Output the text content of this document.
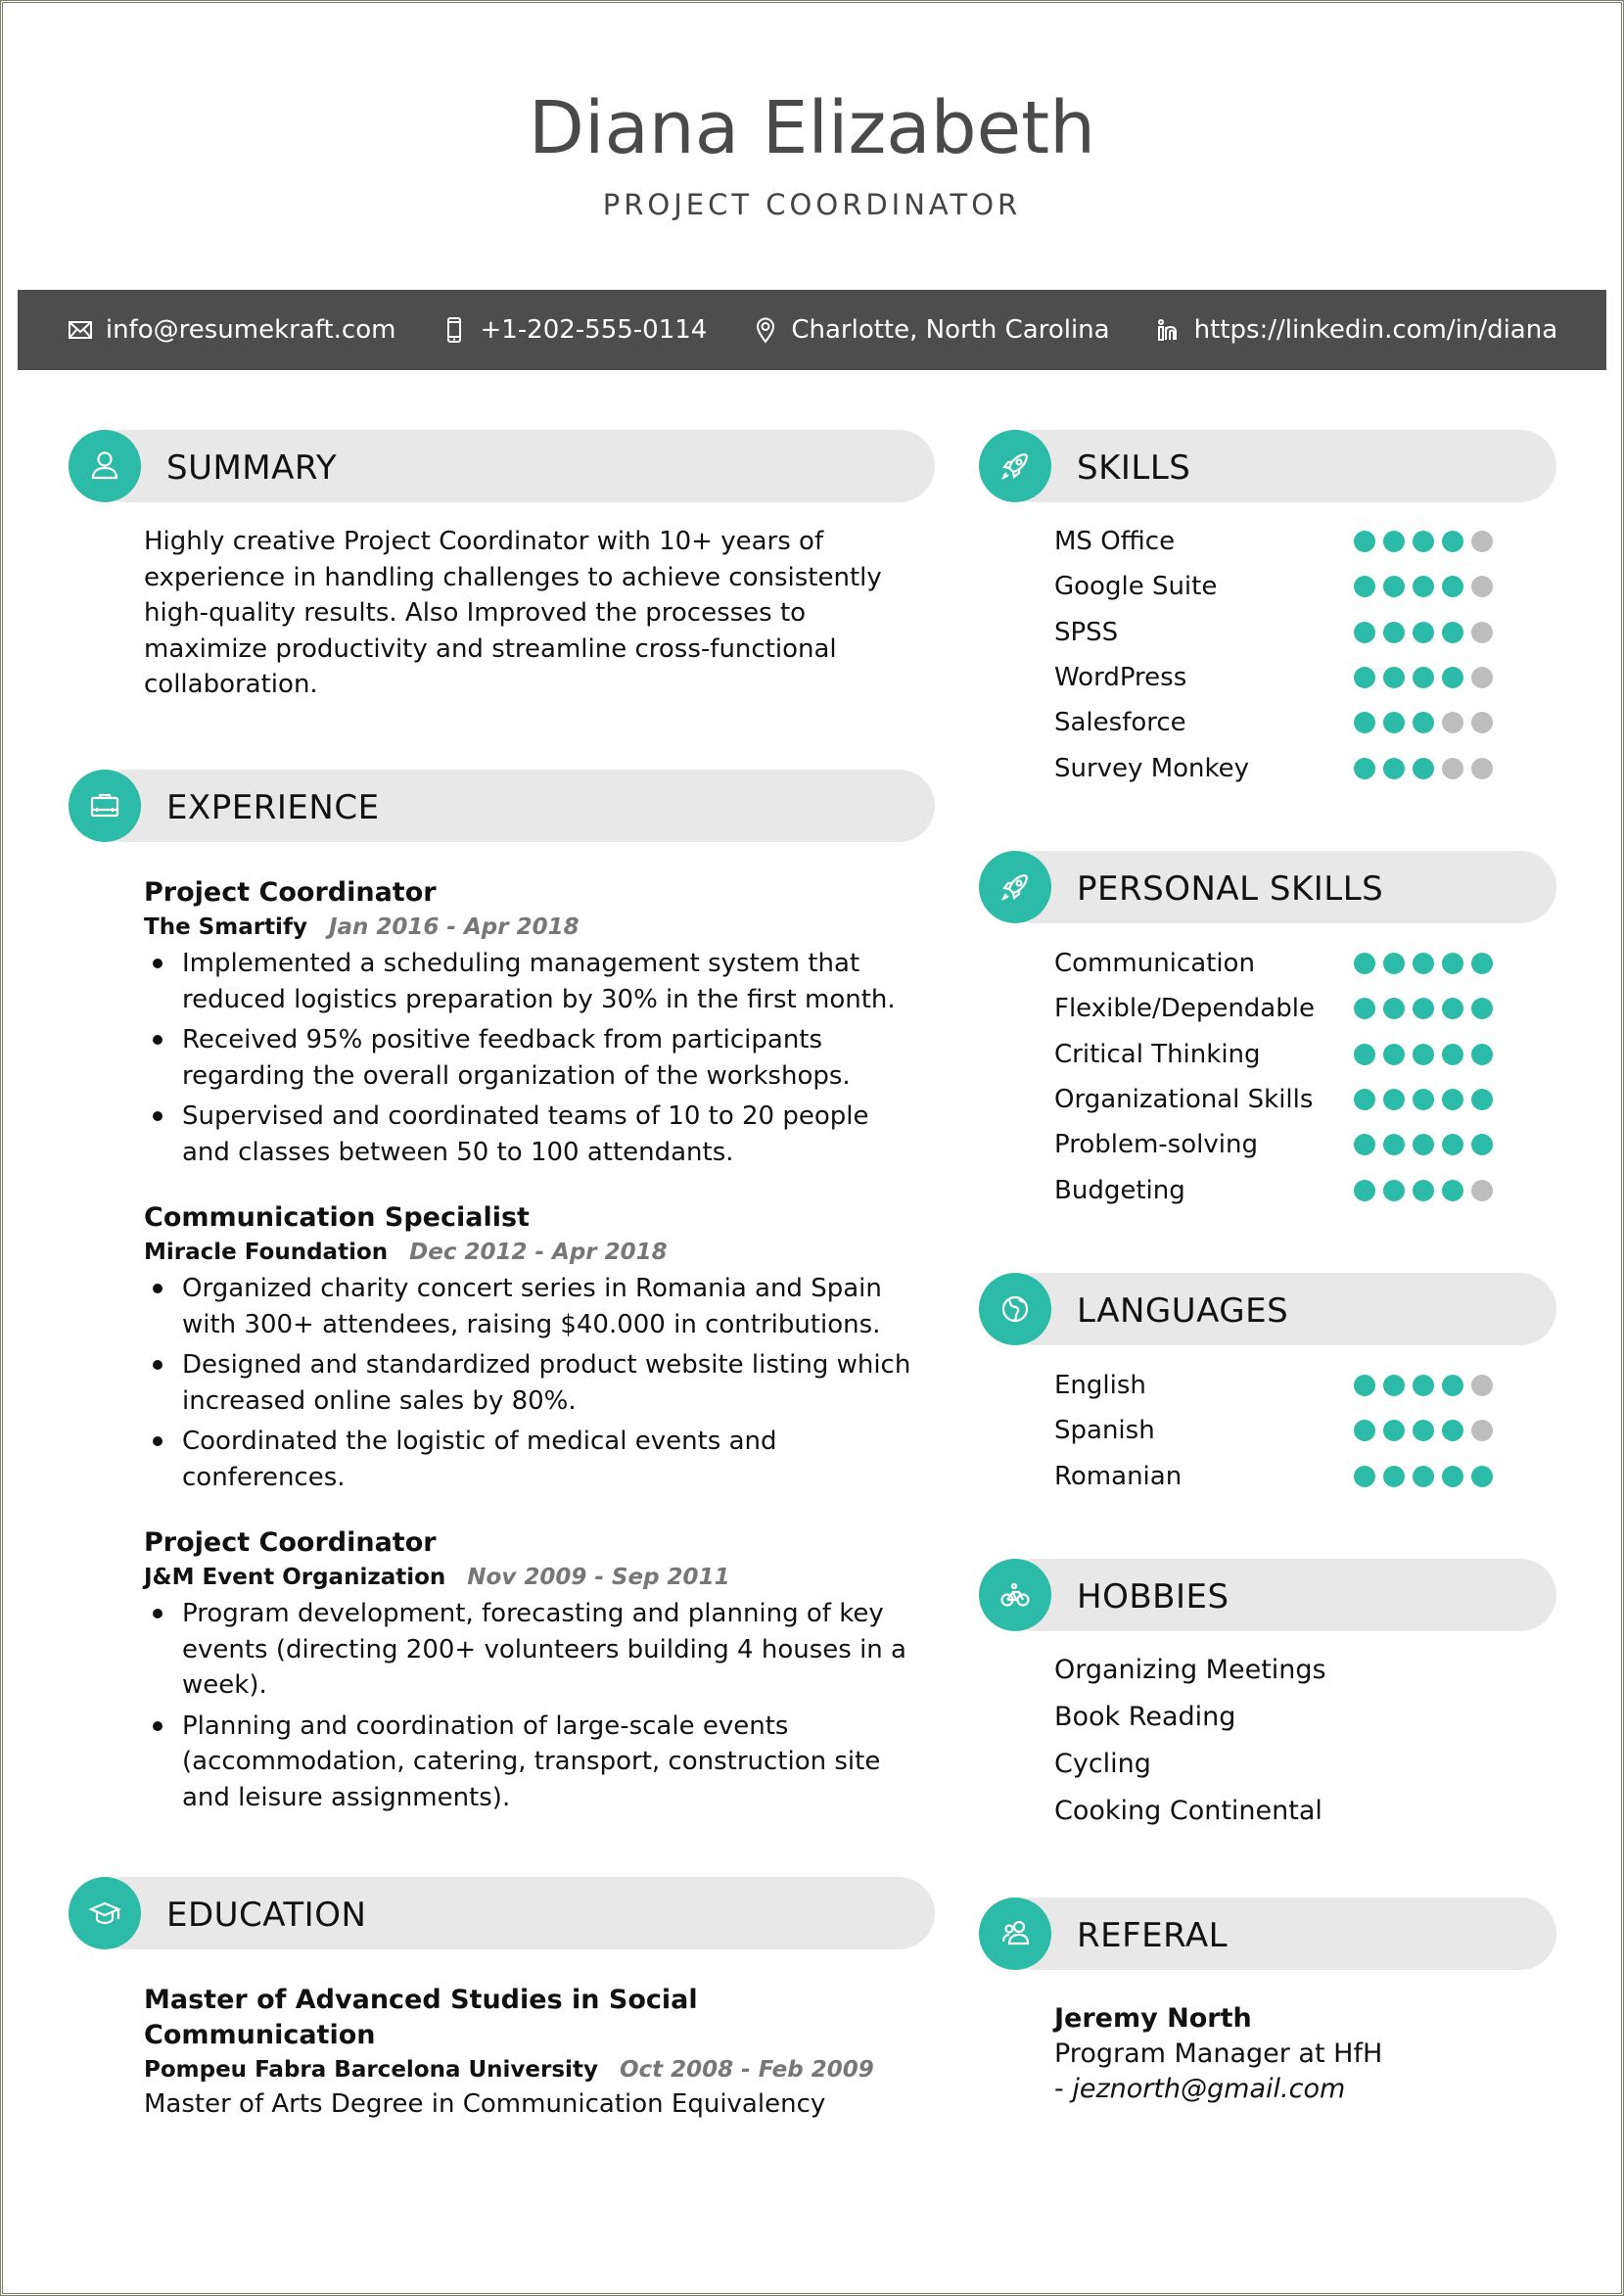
Diana Elizabeth
PROJECT COORDINATOR
info@resumekraft.com	+1-202-555-0114	Charlotte, North Carolina	https://linkedin.com/in/diana
SUMMARY
Highly creative Project Coordinator with 10+ years of experience in handling challenges to achieve consistently high-quality results. Also Improved the processes to maximize productivity and streamline cross-functional collaboration.
EXPERIENCE
Project Coordinator
The Smartify Jan 2016 - Apr 2018
Implemented a scheduling management system that reduced logistics preparation by 30% in the first month.
Received 95% positive feedback from participants regarding the overall organization of the workshops.
Supervised and coordinated teams of 10 to 20 people and classes between 50 to 100 attendants.
Communication Specialist
Miracle Foundation Dec 2012 - Apr 2018
Organized charity concert series in Romania and Spain with 300+ attendees, raising $40.000 in contributions.
Designed and standardized product website listing which increased online sales by 80%.
Coordinated the logistic of medical events and conferences.
Project Coordinator
J&M Event Organization Nov 2009 - Sep 2011
Program development, forecasting and planning of key events (directing 200+ volunteers building 4 houses in a week).
Planning and coordination of large-scale events (accommodation, catering, transport, construction site and leisure assignments).
EDUCATION
Master of Advanced Studies in Social Communication
Pompeu Fabra Barcelona University Oct 2008 - Feb 2009
Master of Arts Degree in Communication Equivalency
SKILLS
MS Office
Google Suite
SPSS
WordPress
Salesforce
Survey Monkey
PERSONAL SKILLS
Communication
Flexible/Dependable
Critical Thinking
Organizational Skills
Problem-solving
Budgeting
LANGUAGES
English
Spanish
Romanian
HOBBIES
Organizing Meetings
Book Reading
Cycling
Cooking Continental
REFERAL
Jeremy North
Program Manager at HfH
- jeznorth@gmail.com
